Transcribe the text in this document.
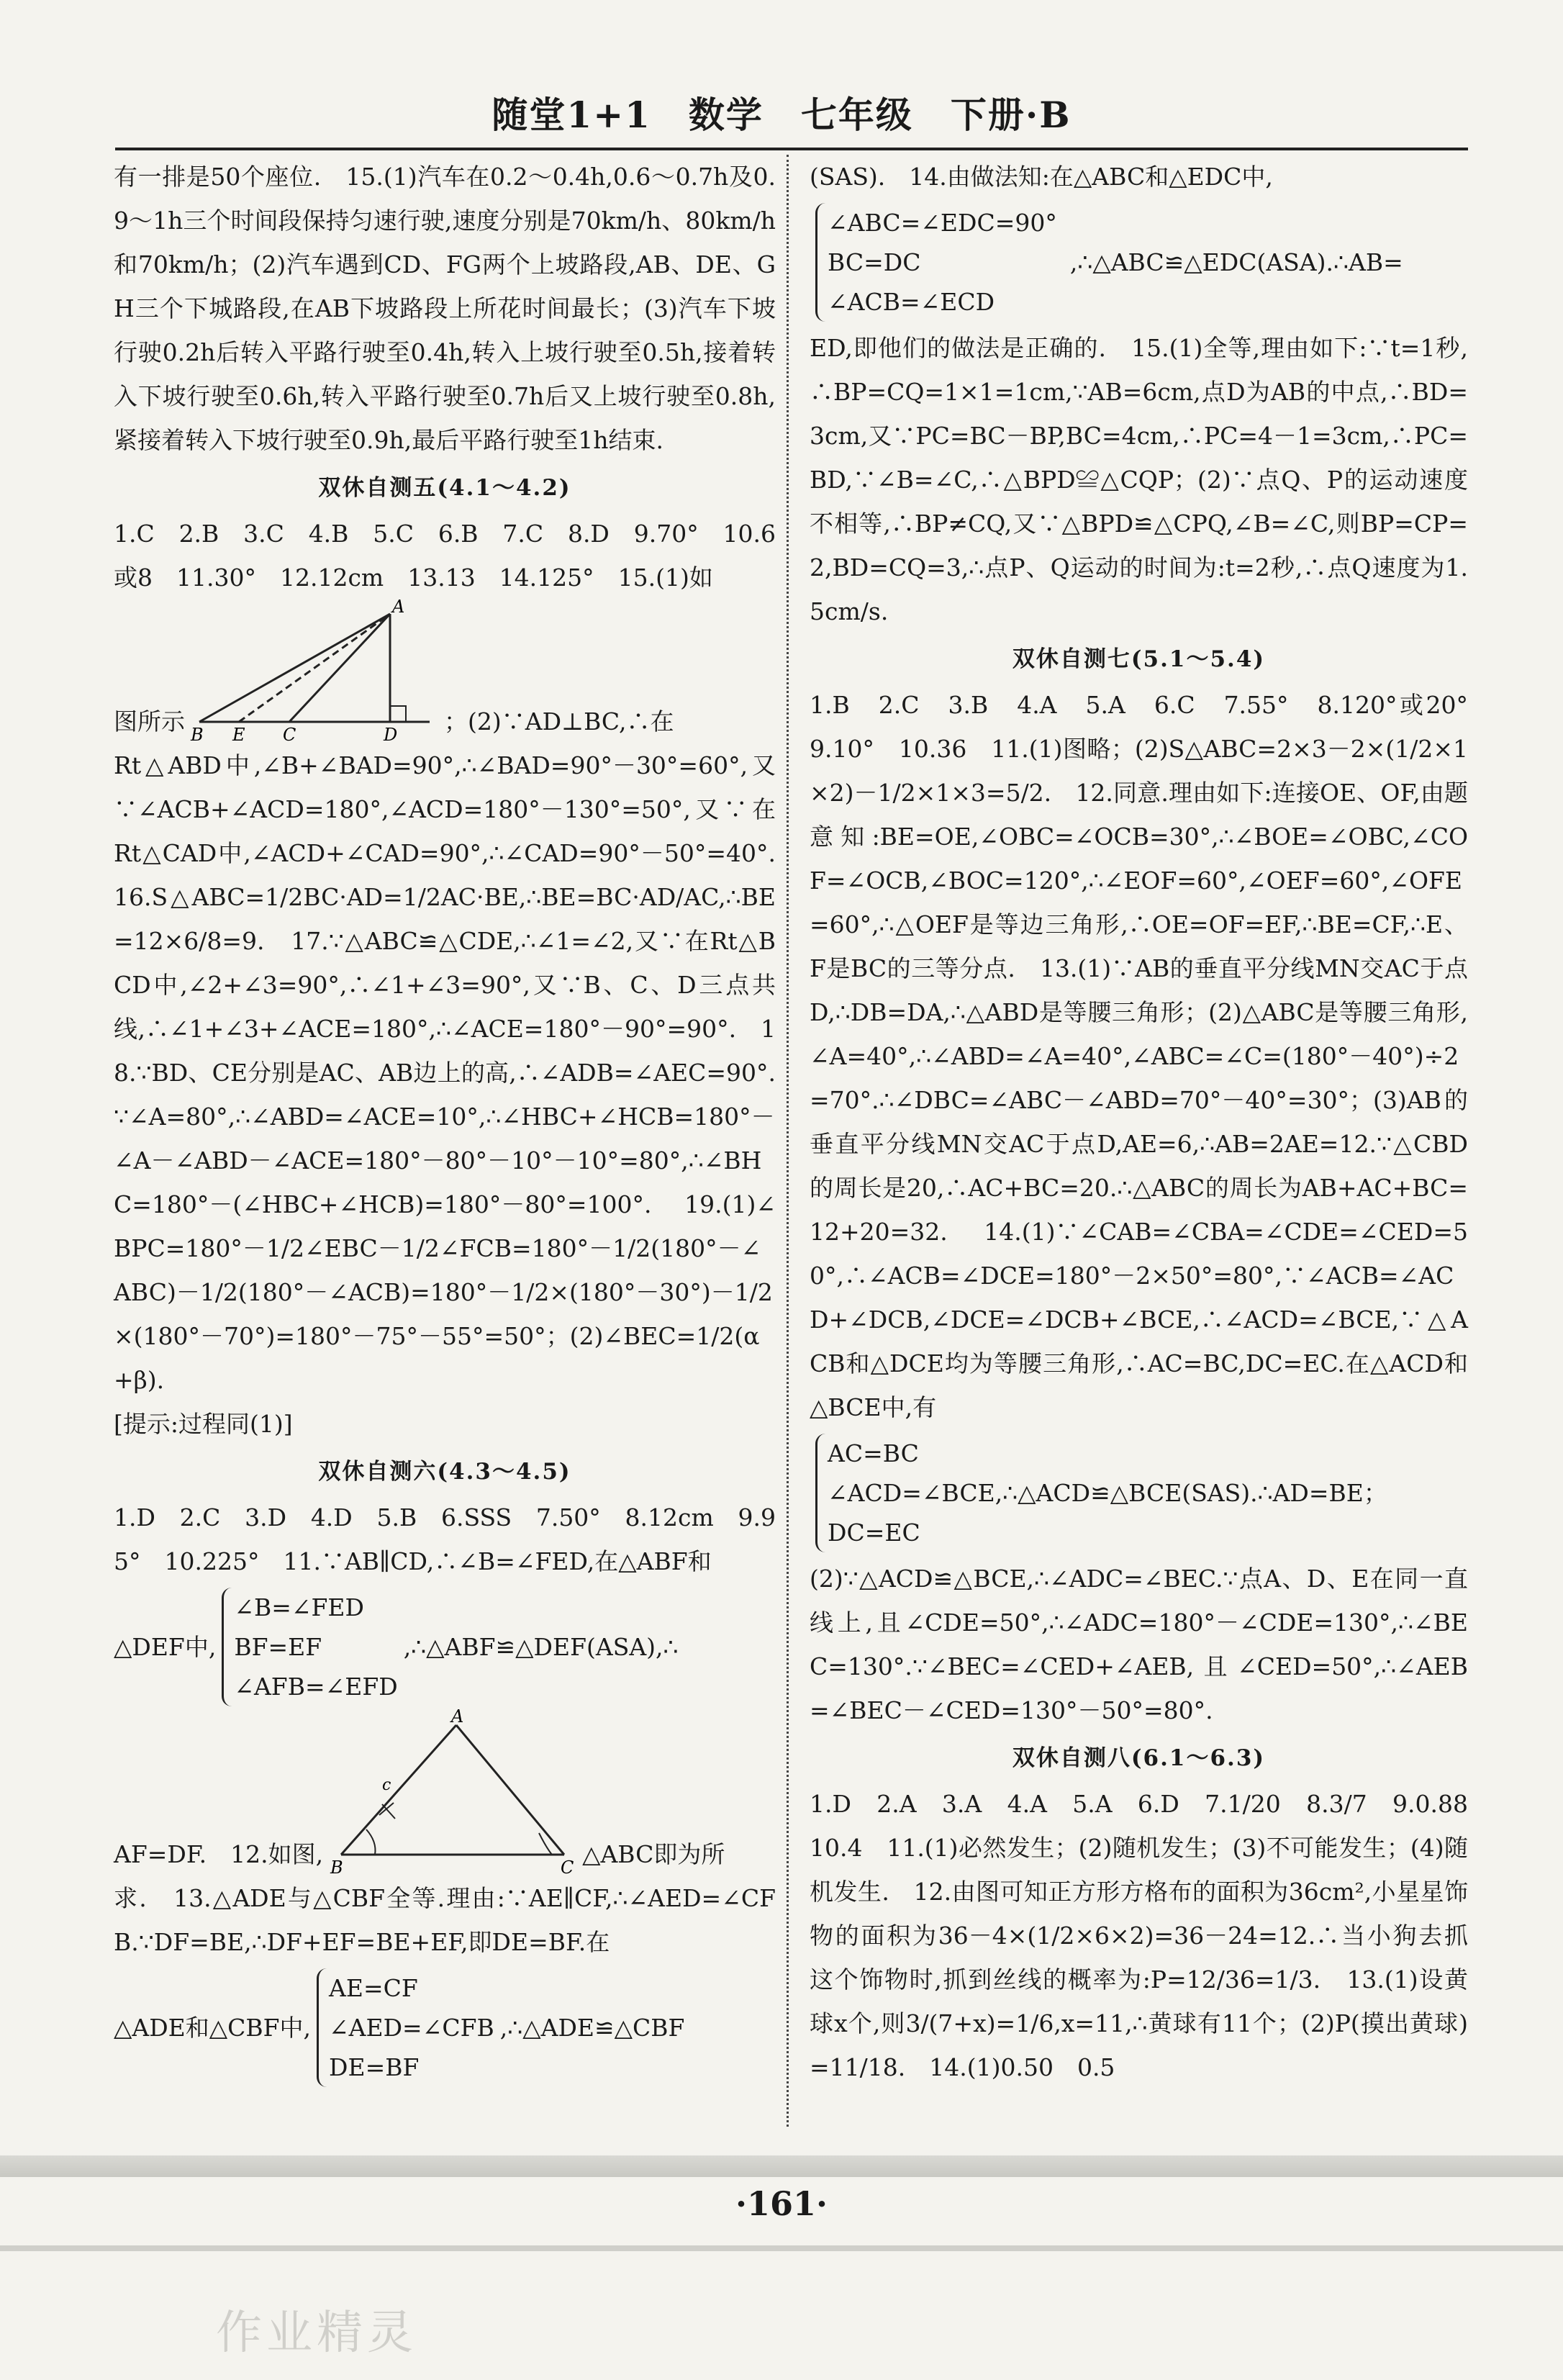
随堂1+1　数学　七年级　下册·B

有一排是50个座位.　15.(1)汽车在0.2～0.4h,0.6～0.7h及0.9～1h三个时间段保持匀速行驶,速度分别是70km/h、80km/h和70km/h；(2)汽车遇到CD、FG两个上坡路段,AB、DE、GH三个下城路段,在AB下坡路段上所花时间最长；(3)汽车下坡行驶0.2h后转入平路行驶至0.4h,转入上坡行驶至0.5h,接着转入下坡行驶至0.6h,转入平路行驶至0.7h后又上坡行驶至0.8h,紧接着转入下坡行驶至0.9h,最后平路行驶至1h结束.

双休自测五(4.1～4.2)

1.C　2.B　3.C　4.B　5.C　6.B　7.C　8.D　9.70°　10.6或8　11.30°　12.12cm　13.13　14.125°　15.(1)如

图所示
A
B E C	D ；(2)∵AD⊥BC,∴在

Rt△ABD中,∠B+∠BAD=90°,∴∠BAD=90°－30°=60°,又∵∠ACB+∠ACD=180°,∠ACD=180°－130°=50°,又∵在Rt△CAD中,∠ACD+∠CAD=90°,∴∠CAD=90°－50°=40°.　16.S△ABC=1/2BC·AD=1/2AC·BE,∴BE=BC·AD/AC,∴BE=12×6/8=9.　17.∵△ABC≌△CDE,∴∠1=∠2,又∵在Rt△BCD中,∠2+∠3=90°,∴∠1+∠3=90°,又∵B、C、D三点共线,∴∠1+∠3+∠ACE=180°,∴∠ACE=180°－90°=90°.　18.∵BD、CE分别是AC、AB边上的高,∴∠ADB=∠AEC=90°.∵∠A=80°,∴∠ABD=∠ACE=10°,∴∠HBC+∠HCB=180°－∠A－∠ABD－∠ACE=180°－80°－10°－10°=80°,∴∠BHC=180°－(∠HBC+∠HCB)=180°－80°=100°.　19.(1)∠BPC=180°－1/2∠EBC－1/2∠FCB=180°－1/2(180°－∠ABC)－1/2(180°－∠ACB)=180°－1/2×(180°－30°)－1/2×(180°－70°)=180°－75°－55°=50°；(2)∠BEC=1/2(α+β).

[提示:过程同(1)]

双休自测六(4.3～4.5)

1.D　2.C　3.D　4.D　5.B　6.SSS　7.50°　8.12cm　9.95°　10.225°　11.∵AB∥CD,∴∠B=∠FED,在△ABF和

△DEF中,
∠B=∠FED
BF=EF
∠AFB=∠EFD
,∴△ABF≌△DEF(ASA),∴
AF=DF.　12.如图,
A
B	C
c
△ABC即为所

求.　13.△ADE与△CBF全等.理由:∵AE∥CF,∴∠AED=∠CFB.∵DF=BE,∴DF+EF=BE+EF,即DE=BF.在

△ADE和△CBF中,
AE=CF
∠AED=∠CFB
DE=BF
,∴△ADE≌△CBF

(SAS).　14.由做法知:在△ABC和△EDC中,

∠ABC=∠EDC=90°
BC=DC
∠ACB=∠ECD
,∴△ABC≌△EDC(ASA).∴AB=

ED,即他们的做法是正确的.　15.(1)全等,理由如下:∵t=1秒,∴BP=CQ=1×1=1cm,∵AB=6cm,点D为AB的中点,∴BD=3cm,又∵PC=BC－BP,BC=4cm,∴PC=4－1=3cm,∴PC=BD,∵∠B=∠C,∴△BPD≌△CQP；(2)∵点Q、P的运动速度不相等,∴BP≠CQ,又∵△BPD≌△CPQ,∠B=∠C,则BP=CP=2,BD=CQ=3,∴点P、Q运动的时间为:t=2秒,∴点Q速度为1.5cm/s.

双休自测七(5.1～5.4)

1.B　2.C　3.B　4.A　5.A　6.C　7.55°　8.120°或20°　9.10°　10.36　11.(1)图略；(2)S△ABC=2×3－2×(1/2×1×2)－1/2×1×3=5/2.　12.同意.理由如下:连接OE、OF,由题意知:BE=OE,∠OBC=∠OCB=30°,∴∠BOE=∠OBC,∠COF=∠OCB,∠BOC=120°,∴∠EOF=60°,∠OEF=60°,∠OFE=60°,∴△OEF是等边三角形,∴OE=OF=EF,∴BE=CF,∴E、F是BC的三等分点.　13.(1)∵AB的垂直平分线MN交AC于点D,∴DB=DA,∴△ABD是等腰三角形；(2)△ABC是等腰三角形,∠A=40°,∴∠ABD=∠A=40°,∠ABC=∠C=(180°－40°)÷2=70°.∴∠DBC=∠ABC－∠ABD=70°－40°=30°；(3)AB的垂直平分线MN交AC于点D,AE=6,∴AB=2AE=12.∵△CBD的周长是20,∴AC+BC=20.∴△ABC的周长为AB+AC+BC=12+20=32.　14.(1)∵∠CAB=∠CBA=∠CDE=∠CED=50°,∴∠ACB=∠DCE=180°－2×50°=80°,∵∠ACB=∠ACD+∠DCB,∠DCE=∠DCB+∠BCE,∴∠ACD=∠BCE,∵△ACB和△DCE均为等腰三角形,∴AC=BC,DC=EC.在△ACD和△BCE中,有

AC=BC
∠ACD=∠BCE,∴△ACD≌△BCE(SAS).∴AD=BE；
DC=EC

(2)∵△ACD≌△BCE,∴∠ADC=∠BEC.∵点A、D、E在同一直线上,且∠CDE=50°,∴∠ADC=180°－∠CDE=130°,∴∠BEC=130°.∵∠BEC=∠CED+∠AEB,且∠CED=50°,∴∠AEB=∠BEC－∠CED=130°－50°=80°.

双休自测八(6.1～6.3)

1.D　2.A　3.A　4.A　5.A　6.D　7.1/20　8.3/7　9.0.88　10.4　11.(1)必然发生；(2)随机发生；(3)不可能发生；(4)随机发生.　12.由图可知正方形方格布的面积为36cm²,小星星饰物的面积为36－4×(1/2×6×2)=36－24=12.∴当小狗去抓这个饰物时,抓到丝线的概率为:P=12/36=1/3.　13.(1)设黄球x个,则3/(7+x)=1/6,x=11,∴黄球有11个；(2)P(摸出黄球)=11/18.　14.(1)0.50　0.5

·161·
作业精灵
